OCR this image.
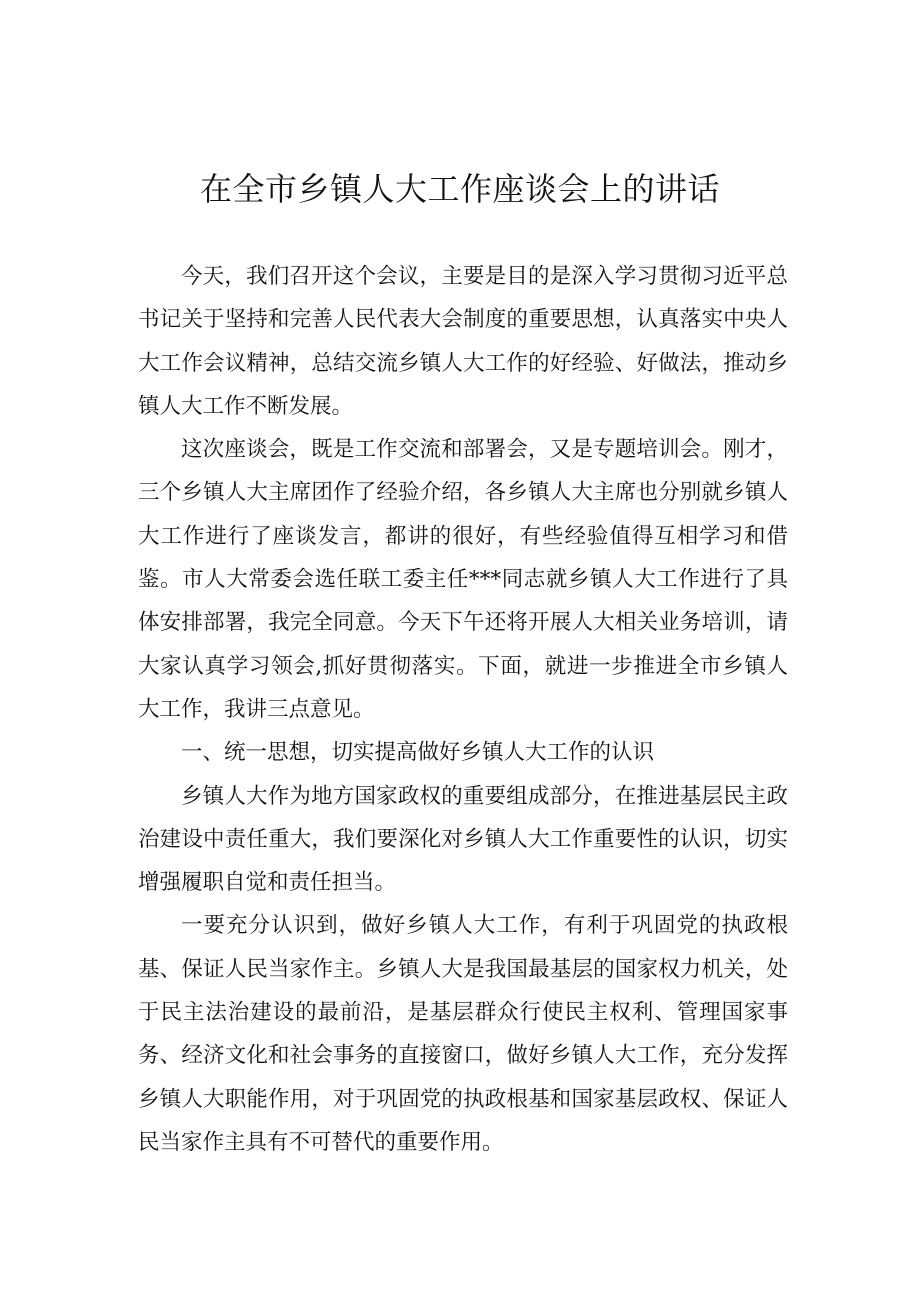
在全市乡镇人大工作座谈会上的讲话

今天，我们召开这个会议，主要是目的是深入学习贯彻习近平总书记关于坚持和完善人民代表大会制度的重要思想，认真落实中央人大工作会议精神，总结交流乡镇人大工作的好经验、好做法，推动乡镇人大工作不断发展。

这次座谈会，既是工作交流和部署会，又是专题培训会。刚才，三个乡镇人大主席团作了经验介绍，各乡镇人大主席也分别就乡镇人大工作进行了座谈发言，都讲的很好，有些经验值得互相学习和借鉴。市人大常委会选任联工委主任***同志就乡镇人大工作进行了具体安排部署，我完全同意。今天下午还将开展人大相关业务培训，请大家认真学习领会,抓好贯彻落实。下面，就进一步推进全市乡镇人大工作，我讲三点意见。

一、统一思想，切实提高做好乡镇人大工作的认识

乡镇人大作为地方国家政权的重要组成部分，在推进基层民主政治建设中责任重大，我们要深化对乡镇人大工作重要性的认识，切实增强履职自觉和责任担当。

一要充分认识到，做好乡镇人大工作，有利于巩固党的执政根基、保证人民当家作主。乡镇人大是我国最基层的国家权力机关，处于民主法治建设的最前沿，是基层群众行使民主权利、管理国家事务、经济文化和社会事务的直接窗口，做好乡镇人大工作，充分发挥乡镇人大职能作用，对于巩固党的执政根基和国家基层政权、保证人民当家作主具有不可替代的重要作用。
